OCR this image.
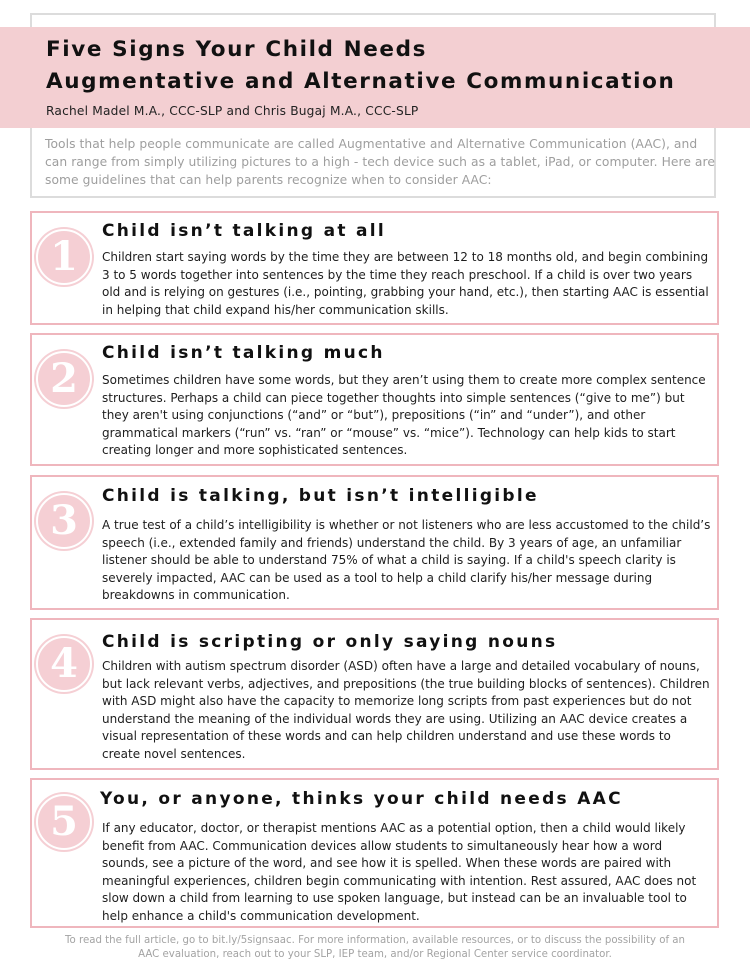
Five Signs Your Child Needs
Augmentative and Alternative Communication
Rachel Madel M.A., CCC-SLP and Chris Bugaj M.A., CCC-SLP

Tools that help people communicate are called Augmentative and Alternative Communication (AAC), and can range from simply utilizing pictures to a high - tech device such as a tablet, iPad, or computer. Here are some guidelines that can help parents recognize when to consider AAC:

1
Child isn’t talking at all

Children start saying words by the time they are between 12 to 18 months old, and begin combining 3 to 5 words together into sentences by the time they reach preschool. If a child is over two years old and is relying on gestures (i.e., pointing, grabbing your hand, etc.), then starting AAC is essential in helping that child expand his/her communication skills.

2
Child isn’t talking much

Sometimes children have some words, but they aren’t using them to create more complex sentence structures. Perhaps a child can piece together thoughts into simple sentences (“give to me”) but they aren't using conjunctions (“and” or “but”), prepositions (“in” and “under”), and other grammatical markers (“run” vs. “ran” or “mouse” vs. “mice”). Technology can help kids to start creating longer and more sophisticated sentences.

3
Child is talking, but isn’t intelligible

A true test of a child’s intelligibility is whether or not listeners who are less accustomed to the child’s speech (i.e., extended family and friends) understand the child. By 3 years of age, an unfamiliar listener should be able to understand 75% of what a child is saying. If a child's speech clarity is severely impacted, AAC can be used as a tool to help a child clarify his/her message during breakdowns in communication.

4	Child is scripting or only saying nouns

Children with autism spectrum disorder (ASD) often have a large and detailed vocabulary of nouns, but lack relevant verbs, adjectives, and prepositions (the true building blocks of sentences). Children with ASD might also have the capacity to memorize long scripts from past experiences but do not understand the meaning of the individual words they are using. Utilizing an AAC device creates a visual representation of these words and can help children understand and use these words to create novel sentences.

5	You, or anyone, thinks your child needs AAC

If any educator, doctor, or therapist mentions AAC as a potential option, then a child would likely benefit from AAC. Communication devices allow students to simultaneously hear how a word sounds, see a picture of the word, and see how it is spelled. When these words are paired with meaningful experiences, children begin communicating with intention. Rest assured, AAC does not slow down a child from learning to use spoken language, but instead can be an invaluable tool to help enhance a child's communication development.

To read the full article, go to bit.ly/5signsaac. For more information, available resources, or to discuss the possibility of an AAC evaluation, reach out to your SLP, IEP team, and/or Regional Center service coordinator.
